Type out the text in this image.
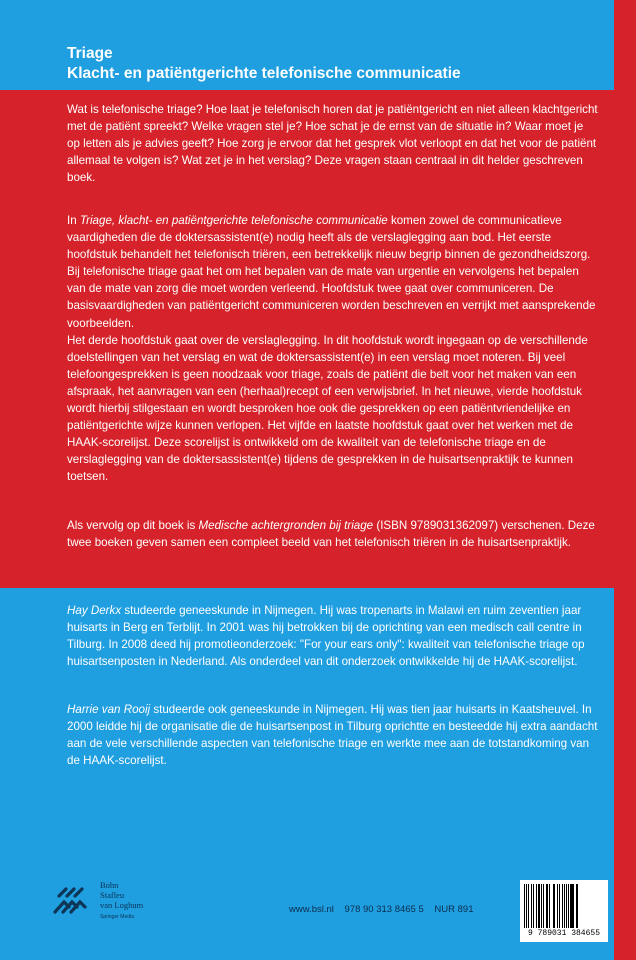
Triage
Klacht- en patiëntgerichte telefonische communicatie

Wat is telefonische triage? Hoe laat je telefonisch horen dat je patiëntgericht en niet alleen klachtgericht met de patiënt spreekt? Welke vragen stel je? Hoe schat je de ernst van de situatie in? Waar moet je op letten als je advies geeft? Hoe zorg je ervoor dat het gesprek vlot verloopt en dat het voor de patiënt allemaal te volgen is? Wat zet je in het verslag? Deze vragen staan centraal in dit helder geschreven boek.

In Triage, klacht- en patiëntgerichte telefonische communicatie komen zowel de communicatieve vaardigheden die de doktersassistent(e) nodig heeft als de verslaglegging aan bod. Het eerste hoofdstuk behandelt het telefonisch triëren, een betrekkelijk nieuw begrip binnen de gezondheidszorg. Bij telefonische triage gaat het om het bepalen van de mate van urgentie en vervolgens het bepalen van de mate van zorg die moet worden verleend. Hoofdstuk twee gaat over communiceren. De basisvaardigheden van patiëntgericht communiceren worden beschreven en verrijkt met aansprekende voorbeelden.

Het derde hoofdstuk gaat over de verslaglegging. In dit hoofdstuk wordt ingegaan op de verschillende doelstellingen van het verslag en wat de doktersassistent(e) in een verslag moet noteren. Bij veel telefoongesprekken is geen noodzaak voor triage, zoals de patiënt die belt voor het maken van een afspraak, het aanvragen van een (herhaal)recept of een verwijsbrief. In het nieuwe, vierde hoofdstuk wordt hierbij stilgestaan en wordt besproken hoe ook die gesprekken op een patiëntvriendelijke en patiëntgerichte wijze kunnen verlopen. Het vijfde en laatste hoofdstuk gaat over het werken met de HAAK-scorelijst. Deze scorelijst is ontwikkeld om de kwaliteit van de telefonische triage en de verslaglegging van de doktersassistent(e) tijdens de gesprekken in de huisartsenpraktijk te kunnen toetsen.

Als vervolg op dit boek is Medische achtergronden bij triage (ISBN 9789031362097) verschenen. Deze twee boeken geven samen een compleet beeld van het telefonisch triëren in de huisartsenpraktijk.

Hay Derkx studeerde geneeskunde in Nijmegen. Hij was tropenarts in Malawi en ruim zeventien jaar huisarts in Berg en Terblijt. In 2001 was hij betrokken bij de oprichting van een medisch call centre in Tilburg. In 2008 deed hij promotieonderzoek: "For your ears only": kwaliteit van telefonische triage op huisartsenposten in Nederland. Als onderdeel van dit onderzoek ontwikkelde hij de HAAK-scorelijst.

Harrie van Rooij studeerde ook geneeskunde in Nijmegen. Hij was tien jaar huisarts in Kaatsheuvel. In 2000 leidde hij de organisatie die de huisartsenpost in Tilburg oprichtte en besteedde hij extra aandacht aan de vele verschillende aspecten van telefonische triage en werkte mee aan de totstandkoming van de HAAK-scorelijst.

Bohn
Stafleu
van Loghum
Springer Media
www.bsl.nl 978 90 313 8465 5 NUR 891
9 789031 384655
